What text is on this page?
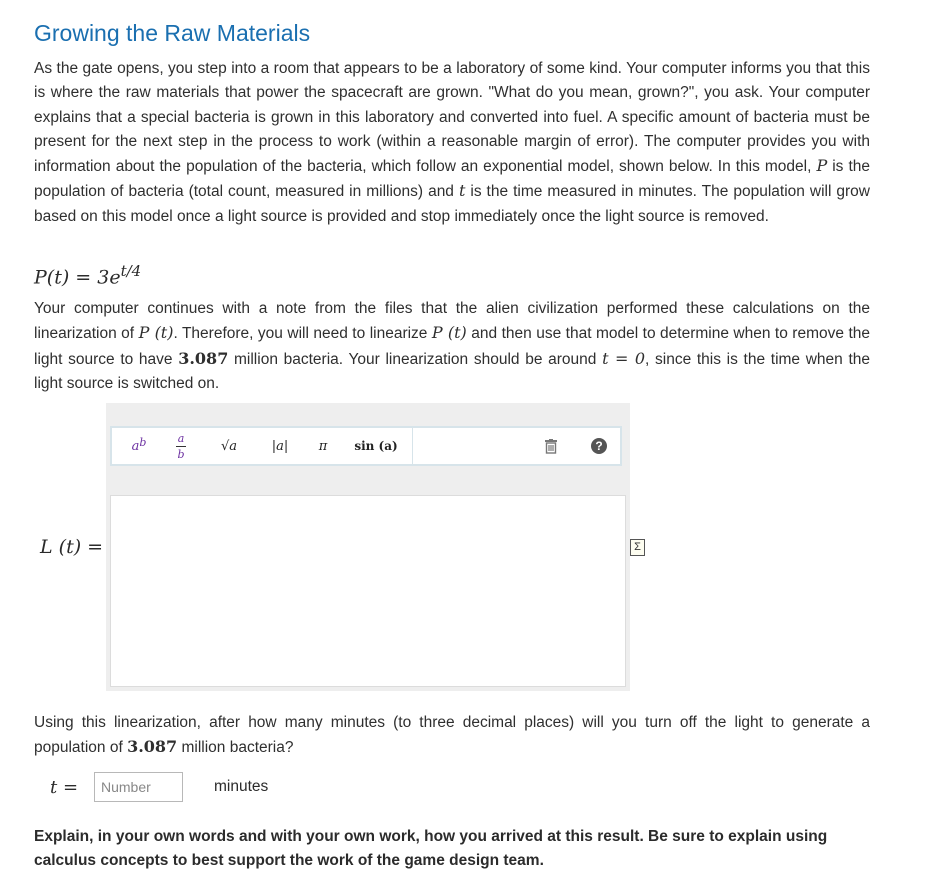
Growing the Raw Materials
As the gate opens, you step into a room that appears to be a laboratory of some kind. Your computer informs you that this is where the raw materials that power the spacecraft are grown. "What do you mean, grown?", you ask. Your computer explains that a special bacteria is grown in this laboratory and converted into fuel. A specific amount of bacteria must be present for the next step in the process to work (within a reasonable margin of error). The computer provides you with information about the population of the bacteria, which follow an exponential model, shown below. In this model, P is the population of bacteria (total count, measured in millions) and t is the time measured in minutes. The population will grow based on this model once a light source is provided and stop immediately once the light source is removed.
$P(t) = 3e^{t/4}$
Your computer continues with a note from the files that the alien civilization performed these calculations on the linearization of P (t). Therefore, you will need to linearize P (t) and then use that model to determine when to remove the light source to have 3.087 million bacteria. Your linearization should be around t = 0, since this is the time when the light source is switched on.
$a^b$	a
b
√a	|a| π sin (a)	?
L (t) =	Σ
Using this linearization, after how many minutes (to three decimal places) will you turn off the light to generate a population of 3.087 million bacteria?
t =
Number	minutes
Explain, in your own words and with your own work, how you arrived at this result. Be sure to explain using calculus concepts to best support the work of the game design team.
